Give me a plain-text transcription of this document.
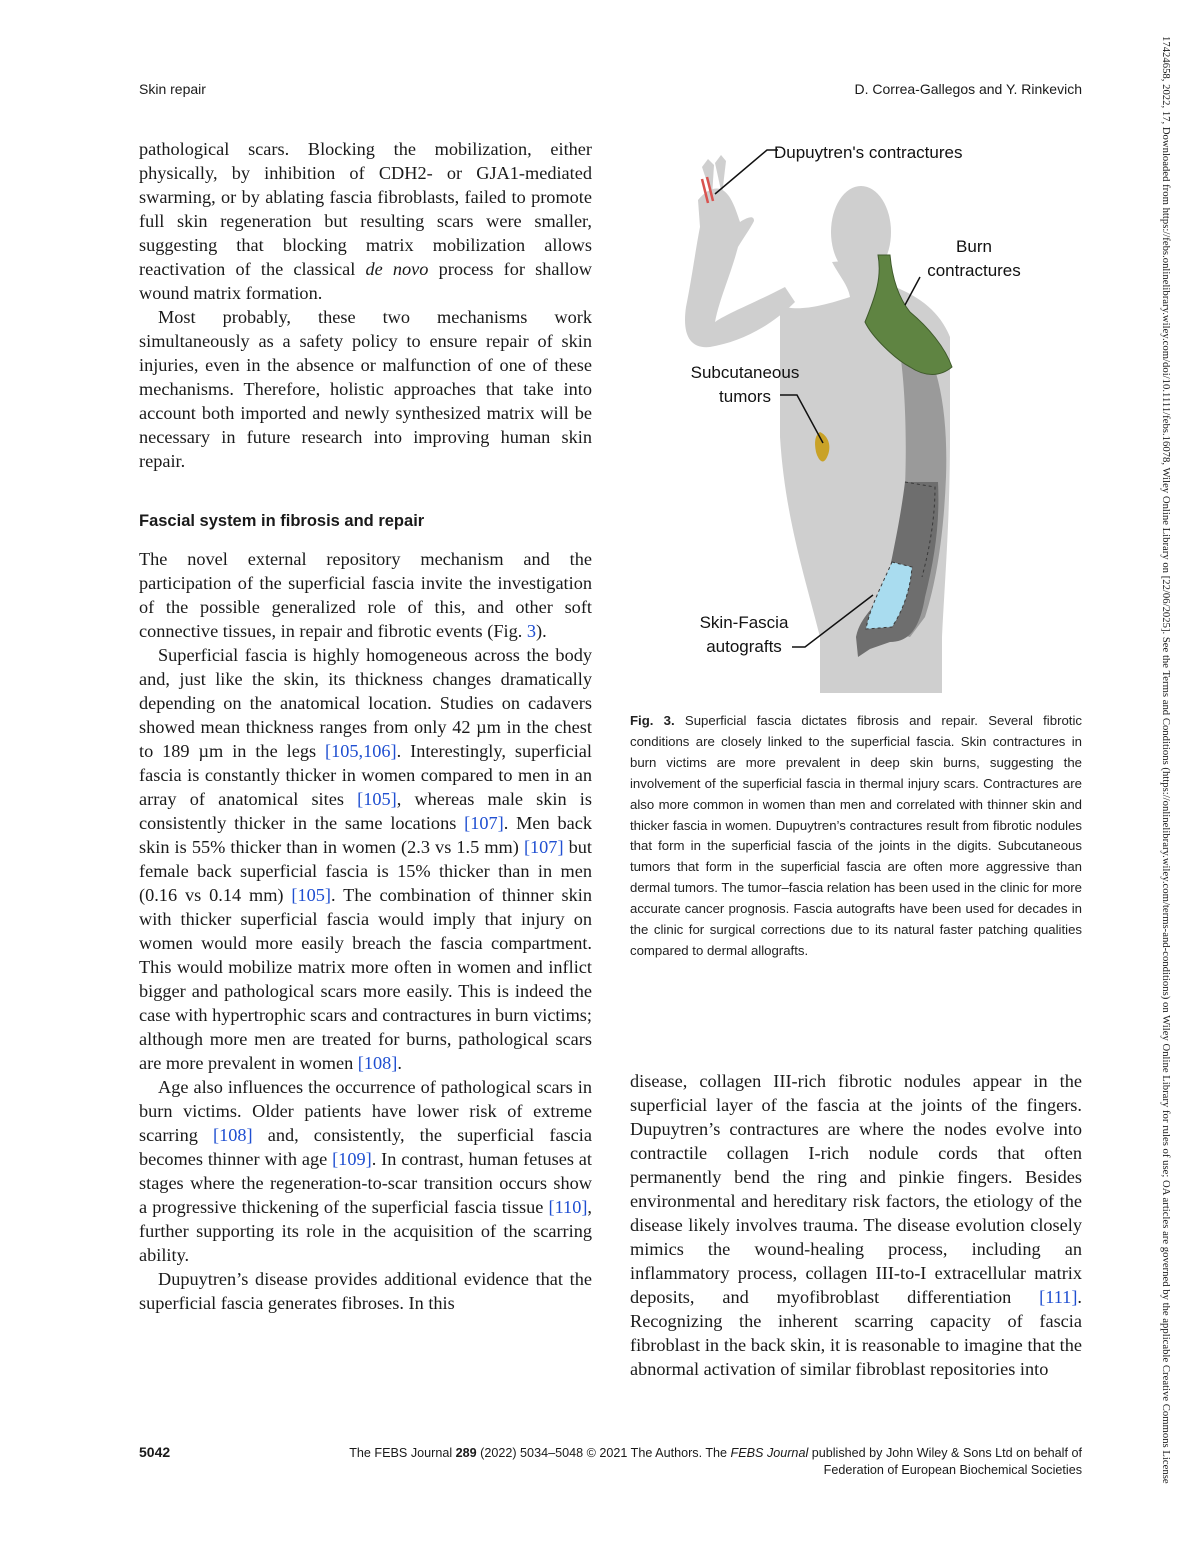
Skin repair	D. Correa-Gallegos and Y. Rinkevich

pathological scars. Blocking the mobilization, either physically, by inhibition of CDH2- or GJA1-mediated swarming, or by ablating fascia fibroblasts, failed to promote full skin regeneration but resulting scars were smaller, suggesting that blocking matrix mobilization allows reactivation of the classical de novo process for shallow wound matrix formation.

Most probably, these two mechanisms work simultaneously as a safety policy to ensure repair of skin injuries, even in the absence or malfunction of one of these mechanisms. Therefore, holistic approaches that take into account both imported and newly synthesized matrix will be necessary in future research into improving human skin repair.

Fascial system in fibrosis and repair

The novel external repository mechanism and the participation of the superficial fascia invite the investigation of the possible generalized role of this, and other soft connective tissues, in repair and fibrotic events (Fig. 3).

Superficial fascia is highly homogeneous across the body and, just like the skin, its thickness changes dramatically depending on the anatomical location. Studies on cadavers showed mean thickness ranges from only 42 µm in the chest to 189 µm in the legs [105,106]. Interestingly, superficial fascia is constantly thicker in women compared to men in an array of anatomical sites [105], whereas male skin is consistently thicker in the same locations [107]. Men back skin is 55% thicker than in women (2.3 vs 1.5 mm) [107] but female back superficial fascia is 15% thicker than in men (0.16 vs 0.14 mm) [105]. The combination of thinner skin with thicker superficial fascia would imply that injury on women would more easily breach the fascia compartment. This would mobilize matrix more often in women and inflict bigger and pathological scars more easily. This is indeed the case with hypertrophic scars and contractures in burn victims; although more men are treated for burns, pathological scars are more prevalent in women [108].

Age also influences the occurrence of pathological scars in burn victims. Older patients have lower risk of extreme scarring [108] and, consistently, the superficial fascia becomes thinner with age [109]. In contrast, human fetuses at stages where the regeneration-to-scar transition occurs show a progressive thickening of the superficial fascia tissue [110], further supporting its role in the acquisition of the scarring ability.

Dupuytren’s disease provides additional evidence that the superficial fascia generates fibroses. In this

Dupuytren's contractures
Burn
contractures
Subcutaneous
tumors
Skin-Fascia
autografts
Fig. 3. Superficial fascia dictates fibrosis and repair. Several fibrotic conditions are closely linked to the superficial fascia. Skin contractures in burn victims are more prevalent in deep skin burns, suggesting the involvement of the superficial fascia in thermal injury scars. Contractures are also more common in women than men and correlated with thinner skin and thicker fascia in women. Dupuytren’s contractures result from fibrotic nodules that form in the superficial fascia of the joints in the digits. Subcutaneous tumors that form in the superficial fascia are often more aggressive than dermal tumors. The tumor–fascia relation has been used in the clinic for more accurate cancer prognosis. Fascia autografts have been used for decades in the clinic for surgical corrections due to its natural faster patching qualities compared to dermal allografts.

disease, collagen III-rich fibrotic nodules appear in the superficial layer of the fascia at the joints of the fingers. Dupuytren’s contractures are where the nodes evolve into contractile collagen I-rich nodule cords that often permanently bend the ring and pinkie fingers. Besides environmental and hereditary risk factors, the etiology of the disease likely involves trauma. The disease evolution closely mimics the wound-healing process, including an inflammatory process, collagen III-to-I extracellular matrix deposits, and myofibroblast differentiation [111]. Recognizing the inherent scarring capacity of fascia fibroblast in the back skin, it is reasonable to imagine that the abnormal activation of similar fibroblast repositories into

5042	The FEBS Journal 289 (2022) 5034–5048 © 2021 The Authors. The FEBS Journal published by John Wiley & Sons Ltd on behalf of
Federation of European Biochemical Societies	17424658, 2022, 17, Downloaded from https://febs.onlinelibrary.wiley.com/doi/10.1111/febs.16078, Wiley Online Library on [22/06/2025]. See the Terms and Conditions (https://onlinelibrary.wiley.com/terms-and-conditions) on Wiley Online Library for rules of use; OA articles are governed by the applicable Creative Commons License
